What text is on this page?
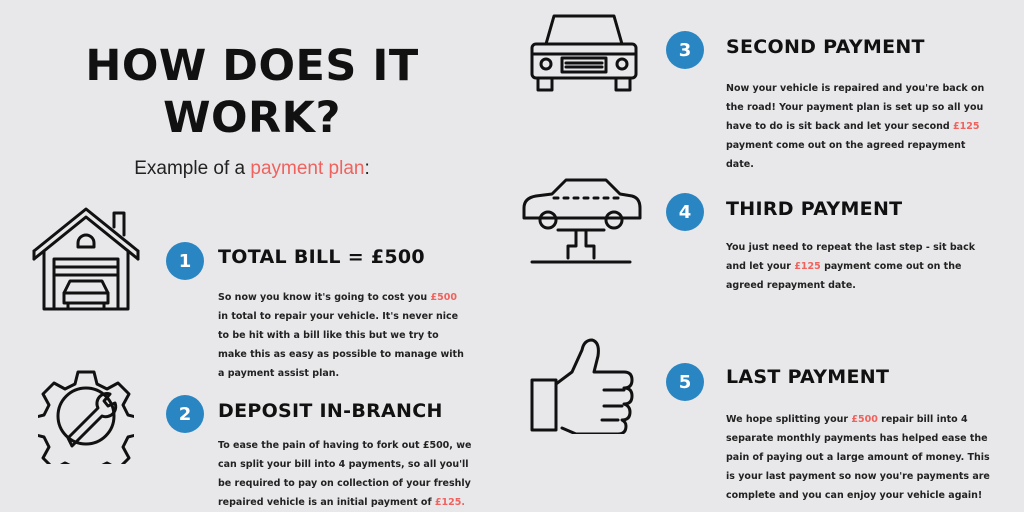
HOW DOES IT
WORK?
Example of a payment plan:
1	TOTAL BILL = £500
So now you know it's going to cost you £500 in total to repair your vehicle. It's never nice to be hit with a bill like this but we try to make this as easy as possible to manage with a payment assist plan.
2	DEPOSIT IN-BRANCH
To ease the pain of having to fork out £500, we can split your bill into 4 payments, so all you'll be required to pay on collection of your freshly repaired vehicle is an initial payment of £125.
3	SECOND PAYMENT
Now your vehicle is repaired and you're back on the road! Your payment plan is set up so all you have to do is sit back and let your second £125 payment come out on the agreed repayment date.
4	THIRD PAYMENT
You just need to repeat the last step - sit back and let your £125 payment come out on the agreed repayment date.
5	LAST PAYMENT
We hope splitting your £500 repair bill into 4 separate monthly payments has helped ease the pain of paying out a large amount of money. This is your last payment so now you're payments are complete and you can enjoy your vehicle again!
